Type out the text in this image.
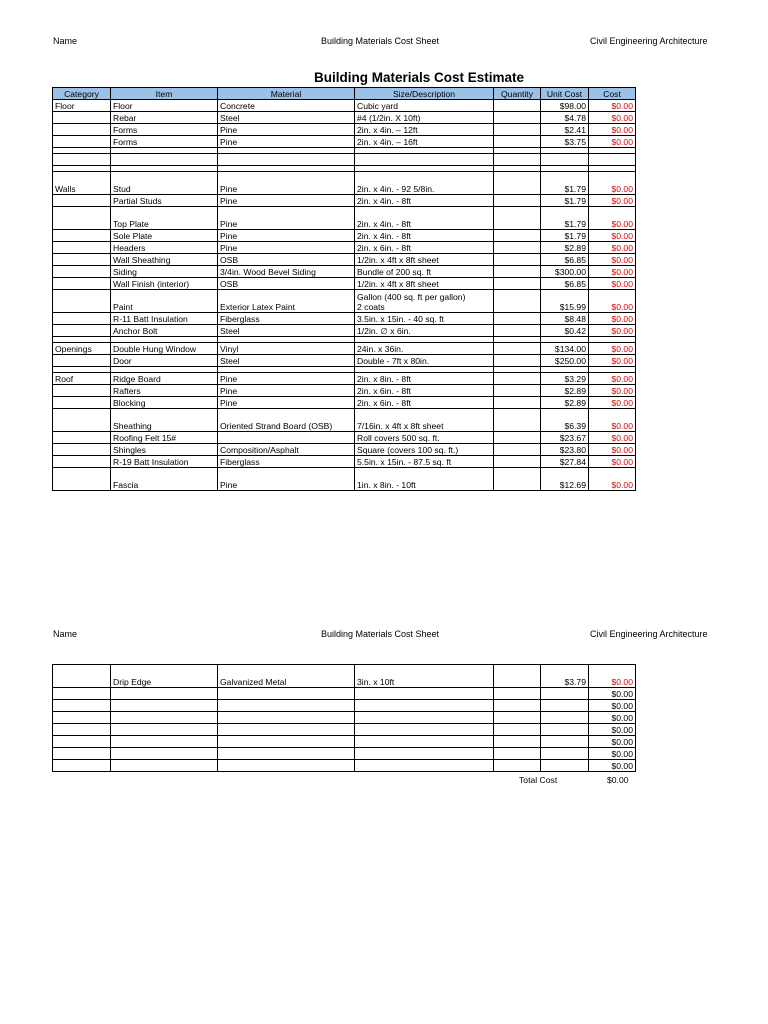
Name	Building Materials Cost Sheet	Civil Engineering Architecture
Building Materials Cost Estimate
Category	Item	Material	Size/Description	Quantity	Unit Cost	Cost
Floor	Floor	Concrete	Cubic yard		$98.00	$0.00
	Rebar	Steel	#4 (1/2in. X 10ft)		$4.78	$0.00
	Forms	Pine	2in. x 4in. – 12ft		$2.41	$0.00
	Forms	Pine	2in. x 4in. – 16ft		$3.75	$0.00

Walls	Stud	Pine	2in. x 4in. - 92 5/8in.		$1.79	$0.00
	Partial Studs	Pine	2in. x 4in. - 8ft		$1.79	$0.00
	Top Plate	Pine	2in. x 4in. - 8ft		$1.79	$0.00
	Sole Plate	Pine	2in. x 4in. - 8ft		$1.79	$0.00
	Headers	Pine	2in. x 6in. - 8ft		$2.89	$0.00
	Wall Sheathing	OSB	1/2in. x 4ft x 8ft sheet		$6.85	$0.00
	Siding	3/4in. Wood Bevel Siding	Bundle of 200 sq. ft		$300.00	$0.00
	Wall Finish (interior)	OSB	1/2in. x 4ft x 8ft sheet		$6.85	$0.00
	Paint	Exterior Latex Paint	Gallon (400 sq. ft per gallon)
2 coats		$15.99	$0.00
	R-11 Batt Insulation	Fiberglass	3.5in. x 15in. - 40 sq. ft		$8.48	$0.00
	Anchor Bolt	Steel	1/2in. ∅ x 6in.		$0.42	$0.00

Openings	Double Hung Window	Vinyl	24in. x 36in.		$134.00	$0.00
	Door	Steel	Double - 7ft x 80in.		$250.00	$0.00

Roof	Ridge Board	Pine	2in. x 8in. - 8ft		$3.29	$0.00
	Rafters	Pine	2in. x 6in. - 8ft		$2.89	$0.00
	Blocking	Pine	2in. x 6in. - 8ft		$2.89	$0.00
	Sheathing	Oriented Strand Board (OSB)	7/16in. x 4ft x 8ft sheet		$6.39	$0.00
	Roofing Felt 15#		Roll covers 500 sq. ft.		$23.67	$0.00
	Shingles	Composition/Asphalt	Square (covers 100 sq. ft.)		$23.80	$0.00
	R-19 Batt Insulation	Fiberglass	5.5in. x 15in. - 87.5 sq. ft		$27.84	$0.00
	Fascia	Pine	1in. x 8in. - 10ft		$12.69	$0.00
Name	Building Materials Cost Sheet	Civil Engineering Architecture
	Drip Edge	Galvanized Metal	3in. x 10ft		$3.79	$0.00
						$0.00
						$0.00
						$0.00
						$0.00
						$0.00
						$0.00
						$0.00
Total Cost	$0.00
